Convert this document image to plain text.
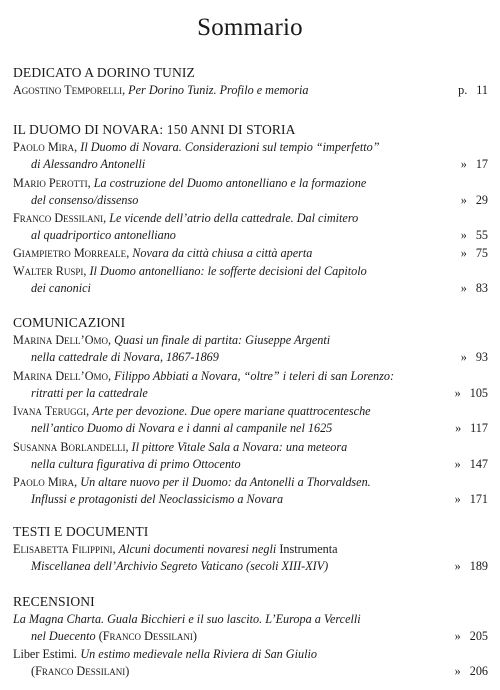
Sommario
DEDICATO A DORINO TUNIZ
Agostino Temporelli, Per Dorino Tuniz. Profilo e memoria	p. 11
IL DUOMO DI NOVARA: 150 ANNI DI STORIA
Paolo Mira, Il Duomo di Novara. Considerazioni sul tempio “imperfetto”
di Alessandro Antonelli	» 17
Mario Perotti, La costruzione del Duomo antonelliano e la formazione
del consenso/dissenso	» 29
Franco Dessilani, Le vicende dell’atrio della cattedrale. Dal cimitero
al quadriportico antonelliano	» 55
Giampietro Morreale, Novara da città chiusa a città aperta	» 75
Walter Ruspi, Il Duomo antonelliano: le sofferte decisioni del Capitolo
dei canonici	» 83
COMUNICAZIONI
Marina Dell’Omo, Quasi un finale di partita: Giuseppe Argenti
nella cattedrale di Novara, 1867-1869	» 93
Marina Dell’Omo, Filippo Abbiati a Novara, “oltre” i teleri di san Lorenzo:
ritratti per la cattedrale	» 105
Ivana Teruggi, Arte per devozione. Due opere mariane quattrocentesche
nell’antico Duomo di Novara e i danni al campanile nel 1625	» 117
Susanna Borlandelli, Il pittore Vitale Sala a Novara: una meteora
nella cultura figurativa di primo Ottocento	» 147
Paolo Mira, Un altare nuovo per il Duomo: da Antonelli a Thorvaldsen.
Influssi e protagonisti del Neoclassicismo a Novara	» 171
TESTI E DOCUMENTI
Elisabetta Filippini, Alcuni documenti novaresi negli Instrumenta
Miscellanea dell’Archivio Segreto Vaticano (secoli XIII-XIV)	» 189
RECENSIONI
La Magna Charta. Guala Bicchieri e il suo lascito. L’Europa a Vercelli
nel Duecento (Franco Dessilani)	» 205
Liber Estimi. Un estimo medievale nella Riviera di San Giulio
(Franco Dessilani)	» 206
